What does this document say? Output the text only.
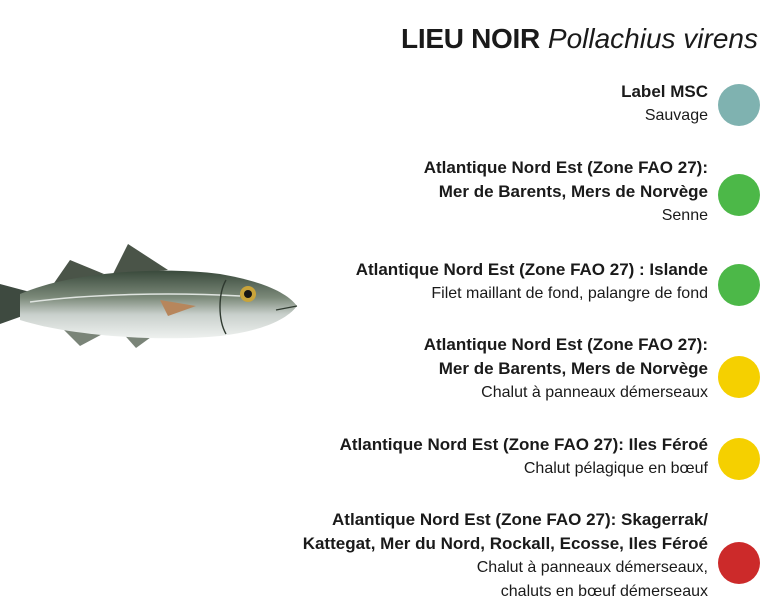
LIEU NOIR Pollachius virens
Label MSC
Sauvage
Atlantique Nord Est (Zone FAO 27):
Mer de Barents, Mers de Norvège
Senne
Atlantique Nord Est (Zone FAO 27) : Islande
Filet maillant de fond, palangre de fond
Atlantique Nord Est (Zone FAO 27):
Mer de Barents, Mers de Norvège
Chalut à panneaux démerseaux
Atlantique Nord Est (Zone FAO 27): Iles Féroé
Chalut pélagique en bœuf
Atlantique Nord Est (Zone FAO 27): Skagerrak/
Kattegat, Mer du Nord, Rockall, Ecosse, Iles Féroé
Chalut à panneaux démerseaux,
chaluts en bœuf démerseaux
